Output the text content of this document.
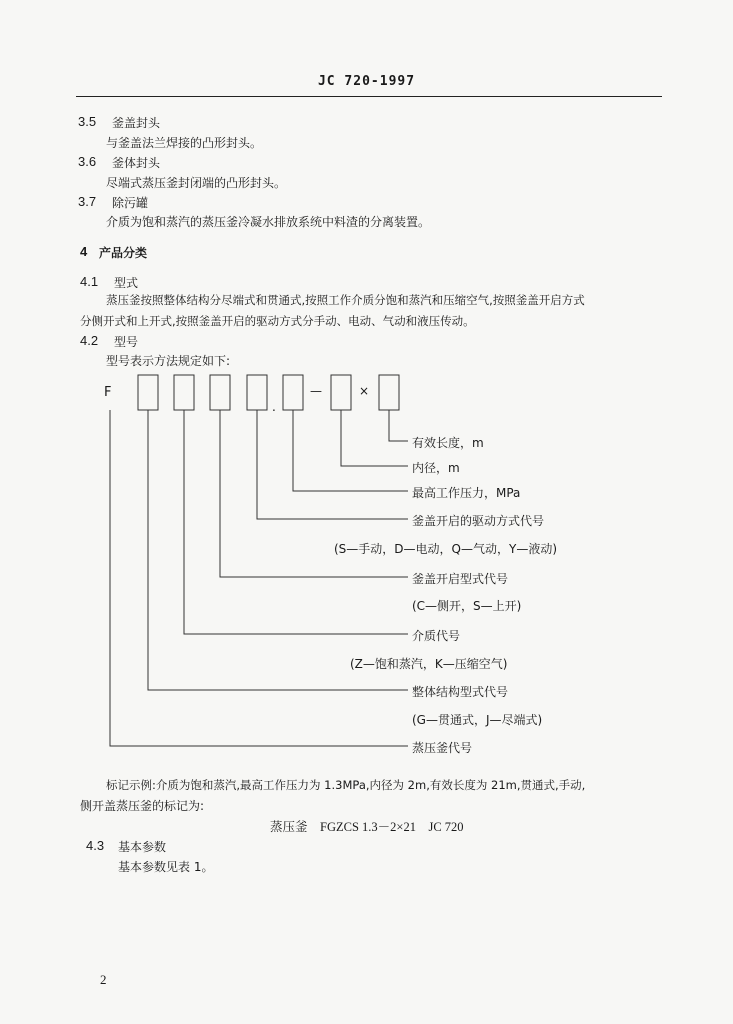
JC 720-1997
3.5 釜盖封头
与釜盖法兰焊接的凸形封头。
3.6 釜体封头
尽端式蒸压釜封闭端的凸形封头。
3.7 除污罐
介质为饱和蒸汽的蒸压釜冷凝水排放系统中料渣的分离装置。
4 产品分类
4.1 型式
蒸压釜按照整体结构分尽端式和贯通式,按照工作介质分饱和蒸汽和压缩空气,按照釜盖开启方式
分侧开式和上开式,按照釜盖开启的驱动方式分手动、电动、气动和液压传动。
4.2 型号
型号表示方法规定如下:
F
.
—	×
有效长度，m
内径，m
最高工作压力，MPa
釜盖开启的驱动方式代号
(S—手动，D—电动，Q—气动，Y—液动)
釜盖开启型式代号
(C—侧开，S—上开)
介质代号
(Z—饱和蒸汽，K—压缩空气)
整体结构型式代号
(G—贯通式，J—尽端式)
蒸压釜代号
标记示例:介质为饱和蒸汽,最高工作压力为 1.3MPa,内径为 2m,有效长度为 21m,贯通式,手动,
侧开盖蒸压釜的标记为:
蒸压釜    FGZCS 1.3－2×21    JC 720
4.3 基本参数
基本参数见表 1。
2
